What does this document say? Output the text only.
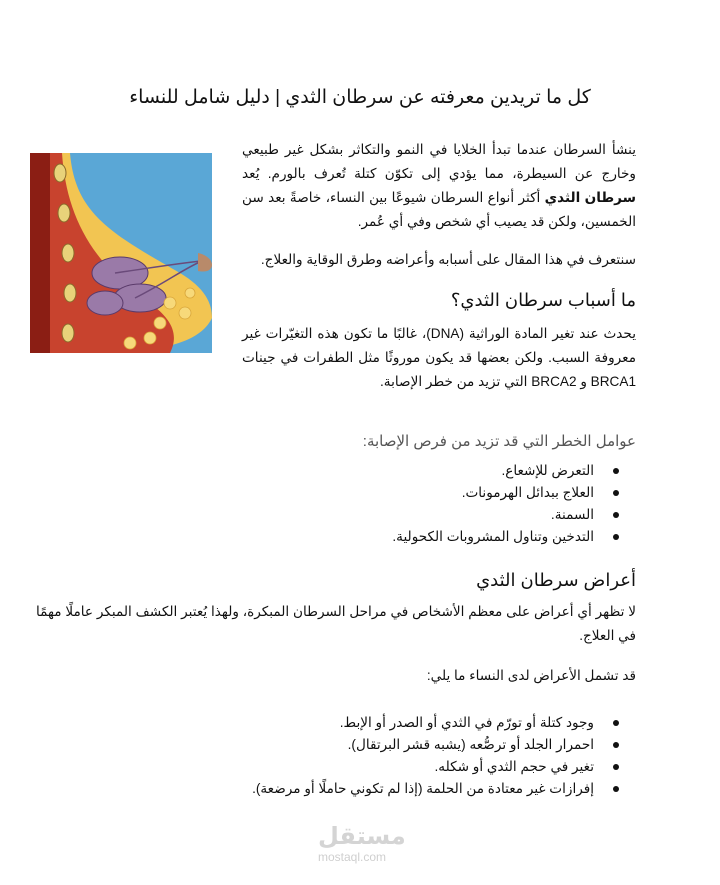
كل ما تريدين معرفته عن سرطان الثدي | دليل شامل للنساء

ينشأ السرطان عندما تبدأ الخلايا في النمو والتكاثر بشكل غير طبيعي وخارج عن السيطرة، مما يؤدي إلى تكوّن كتلة تُعرف بالورم. يُعد سرطان الثدي أكثر أنواع السرطان شيوعًا بين النساء، خاصةً بعد سن الخمسين، ولكن قد يصيب أي شخص وفي أي عُمر.

سنتعرف في هذا المقال على أسبابه وأعراضه وطرق الوقاية والعلاج.

ما أسباب سرطان الثدي؟

يحدث عند تغير المادة الوراثية (DNA)، غالبًا ما تكون هذه التغيّرات غير معروفة السبب. ولكن بعضها قد يكون موروثًا مثل الطفرات في جينات BRCA1 و BRCA2 التي تزيد من خطر الإصابة.

عوامل الخطر التي قد تزيد من فرص الإصابة:

التعرض للإشعاع.
العلاج ببدائل الهرمونات.
السمنة.
التدخين وتناول المشروبات الكحولية.
أعراض سرطان الثدي

لا تظهر أي أعراض على معظم الأشخاص في مراحل السرطان المبكرة، ولهذا يُعتبر الكشف المبكر عاملًا مهمًا في العلاج.

قد تشمل الأعراض لدى النساء ما يلي:

وجود كتلة أو تورّم في الثدي أو الصدر أو الإبط.
احمرار الجلد أو ترصُّعه (يشبه قشر البرتقال).
تغير في حجم الثدي أو شكله.
إفرازات غير معتادة من الحلمة (إذا لم تكوني حاملًا أو مرضعة).

مستقل

mostaql.com
